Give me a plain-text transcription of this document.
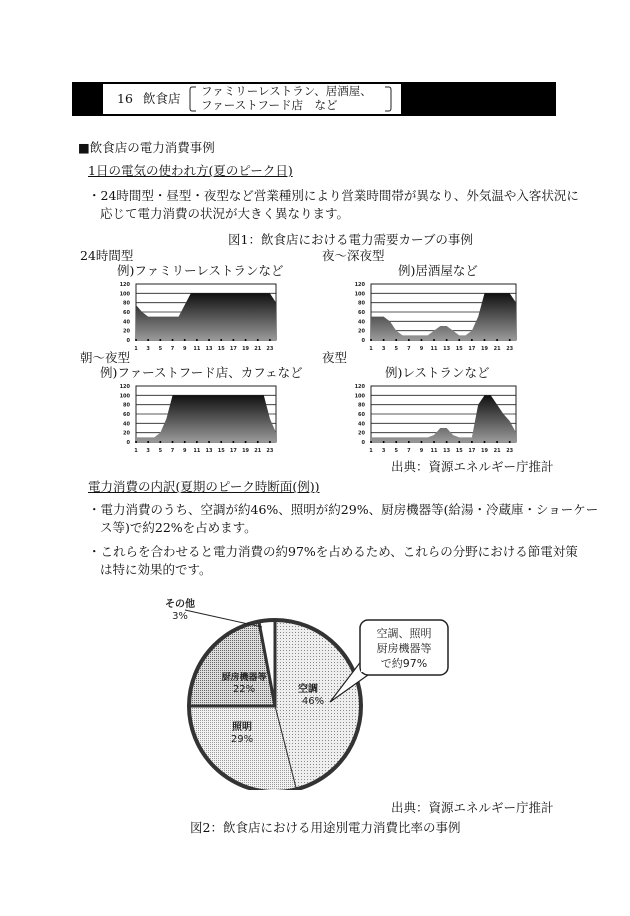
16 飲食店 ファミリーレストラン、居酒屋、
ファーストフード店　など
■飲食店の電力消費事例
1日の電気の使われ方(夏のピーク日)
・24時間型・昼型・夜型など営業種別により営業時間帯が異なり、外気温や入客状況に
応じて電力消費の状況が大きく異なります。
図1：飲食店における電力需要カーブの事例
24時間型
例)ファミリーレストランなど
夜〜深夜型
例)居酒屋など
朝〜夜型
例)ファーストフード店、カフェなど
夜型
例)レストランなど
0
20
40
60
80
100
120
1 3 5 7 9 11 13 15 17 19 21 23
0
20
40
60
80
100
120
1 3 5 7 9 11 13 15 17 19 21 23
0
20
40
60
80
100
120
1 3 5 7 9 11 13 15 17 19 21 23
0
20
40
60
80
100
120
1 3 5 7 9 11 13 15 17 19 21 23
出典：資源エネルギー庁推計
電力消費の内訳(夏期のピーク時断面(例))
・電力消費のうち、空調が約46%、照明が約29%、厨房機器等(給湯・冷蔵庫・ショーケー
ス等)で約22%を占めます。
・これらを合わせると電力消費の約97%を占めるため、これらの分野における節電対策
は特に効果的です。
その他
3%
空調
46%
照明
29%
厨房機器等
22%
空調、照明
厨房機器等
で約97%
出典：資源エネルギー庁推計
図2：飲食店における用途別電力消費比率の事例
